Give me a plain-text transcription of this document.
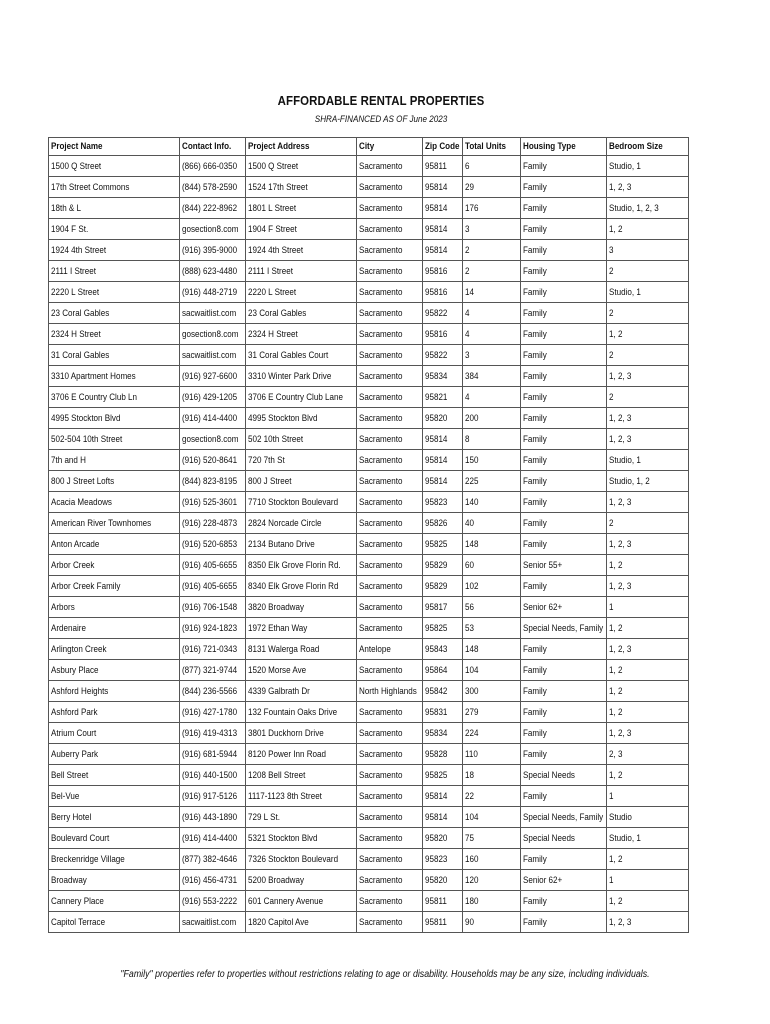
AFFORDABLE RENTAL PROPERTIES
SHRA-FINANCED AS OF June 2023
Project Name	Contact Info.	Project Address	City	Zip Code	Total Units	Housing Type	Bedroom Size
1500 Q Street	(866) 666-0350	1500 Q Street	Sacramento	95811	6	Family	Studio, 1
17th Street Commons	(844) 578-2590	1524 17th Street	Sacramento	95814	29	Family	1, 2, 3
18th & L	(844) 222-8962	1801 L Street	Sacramento	95814	176	Family	Studio, 1, 2, 3
1904 F St.	gosection8.com	1904 F Street	Sacramento	95814	3	Family	1, 2
1924 4th Street	(916) 395-9000	1924 4th Street	Sacramento	95814	2	Family	3
2111 I Street	(888) 623-4480	2111 I Street	Sacramento	95816	2	Family	2
2220 L Street	(916) 448-2719	2220 L Street	Sacramento	95816	14	Family	Studio, 1
23 Coral Gables	sacwaitlist.com	23 Coral Gables	Sacramento	95822	4	Family	2
2324 H Street	gosection8.com	2324 H Street	Sacramento	95816	4	Family	1, 2
31 Coral Gables	sacwaitlist.com	31 Coral Gables Court	Sacramento	95822	3	Family	2
3310 Apartment Homes	(916) 927-6600	3310 Winter Park Drive	Sacramento	95834	384	Family	1, 2, 3
3706 E Country Club Ln	(916) 429-1205	3706 E Country Club Lane	Sacramento	95821	4	Family	2
4995 Stockton Blvd	(916) 414-4400	4995 Stockton Blvd	Sacramento	95820	200	Family	1, 2, 3
502-504 10th Street	gosection8.com	502 10th Street	Sacramento	95814	8	Family	1, 2, 3
7th and H	(916) 520-8641	720 7th St	Sacramento	95814	150	Family	Studio, 1
800 J Street Lofts	(844) 823-8195	800 J Street	Sacramento	95814	225	Family	Studio, 1, 2
Acacia Meadows	(916) 525-3601	7710 Stockton Boulevard	Sacramento	95823	140	Family	1, 2, 3
American River Townhomes	(916) 228-4873	2824 Norcade Circle	Sacramento	95826	40	Family	2
Anton Arcade	(916) 520-6853	2134 Butano Drive	Sacramento	95825	148	Family	1, 2, 3
Arbor Creek	(916) 405-6655	8350 Elk Grove Florin Rd.	Sacramento	95829	60	Senior 55+	1, 2
Arbor Creek Family	(916) 405-6655	8340 Elk Grove Florin Rd	Sacramento	95829	102	Family	1, 2, 3
Arbors	(916) 706-1548	3820 Broadway	Sacramento	95817	56	Senior 62+	1
Ardenaire	(916) 924-1823	1972 Ethan Way	Sacramento	95825	53	Special Needs, Family	1, 2
Arlington Creek	(916) 721-0343	8131 Walerga Road	Antelope	95843	148	Family	1, 2, 3
Asbury Place	(877) 321-9744	1520 Morse Ave	Sacramento	95864	104	Family	1, 2
Ashford Heights	(844) 236-5566	4339 Galbrath Dr	North Highlands	95842	300	Family	1, 2
Ashford Park	(916) 427-1780	132 Fountain Oaks Drive	Sacramento	95831	279	Family	1, 2
Atrium Court	(916) 419-4313	3801 Duckhorn Drive	Sacramento	95834	224	Family	1, 2, 3
Auberry Park	(916) 681-5944	8120 Power Inn Road	Sacramento	95828	110	Family	2, 3
Bell Street	(916) 440-1500	1208 Bell Street	Sacramento	95825	18	Special Needs	1, 2
Bel-Vue	(916) 917-5126	1117-1123 8th Street	Sacramento	95814	22	Family	1
Berry Hotel	(916) 443-1890	729 L St.	Sacramento	95814	104	Special Needs, Family	Studio
Boulevard Court	(916) 414-4400	5321 Stockton Blvd	Sacramento	95820	75	Special Needs	Studio, 1
Breckenridge Village	(877) 382-4646	7326 Stockton Boulevard	Sacramento	95823	160	Family	1, 2
Broadway	(916) 456-4731	5200 Broadway	Sacramento	95820	120	Senior 62+	1
Cannery Place	(916) 553-2222	601 Cannery Avenue	Sacramento	95811	180	Family	1, 2
Capitol Terrace	sacwaitlist.com	1820 Capitol Ave	Sacramento	95811	90	Family	1, 2, 3
"Family" properties refer to properties without restrictions relating to age or disability. Households may be any size, including individuals.
